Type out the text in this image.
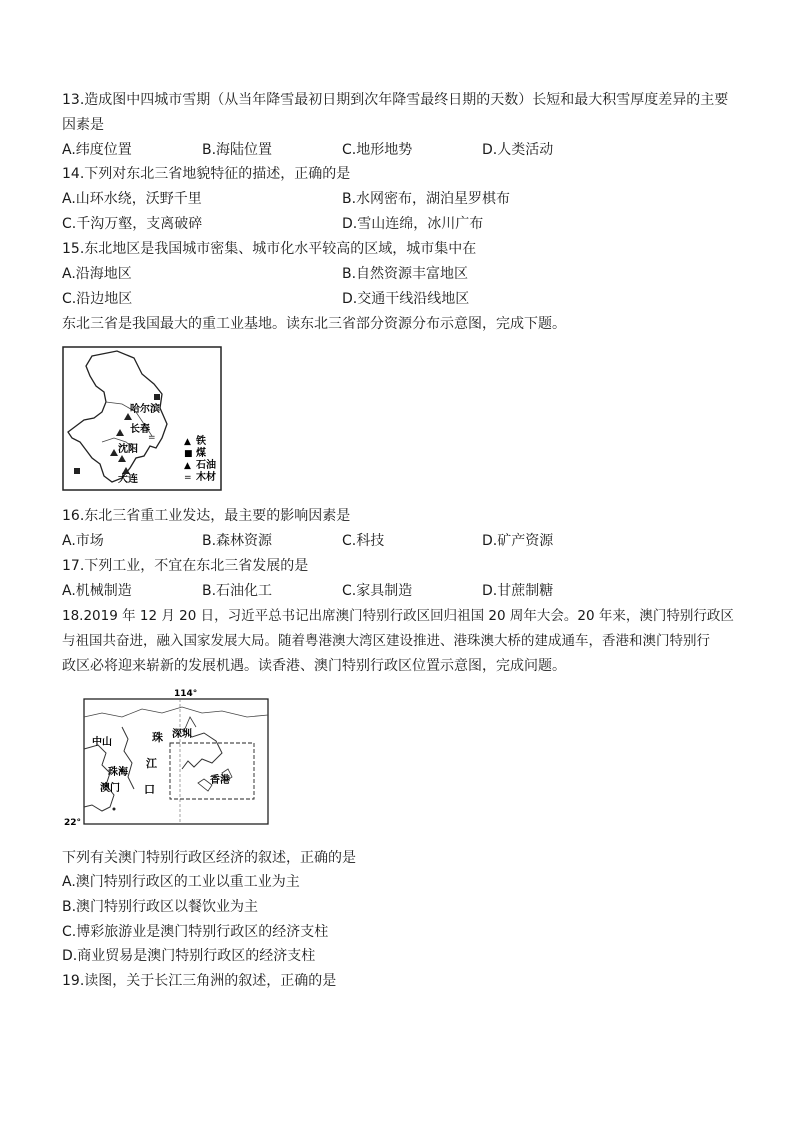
13.造成图中四城市雪期（从当年降雪最初日期到次年降雪最终日期的天数）长短和最大积雪厚度差异的主要
因素是
A.纬度位置	B.海陆位置	C.地形地势	D.人类活动
14.下列对东北三省地貌特征的描述，正确的是
A.山环水绕，沃野千里	B.水网密布，湖泊星罗棋布
C.千沟万壑，支离破碎	D.雪山连绵，冰川广布
15.东北地区是我国城市密集、城市化水平较高的区域，城市集中在
A.沿海地区	B.自然资源丰富地区
C.沿边地区	D.交通干线沿线地区
东北三省是我国最大的重工业基地。读东北三省部分资源分布示意图，完成下题。
=
哈尔滨
长春
沈阳
大连
▲ 铁
■ 煤
▲ 石油
= 木材
16.东北三省重工业发达，最主要的影响因素是
A.市场	B.森林资源	C.科技	D.矿产资源
17.下列工业，不宜在东北三省发展的是
A.机械制造	B.石油化工	C.家具制造	D.甘蔗制糖
18.2019 年 12 月 20 日，习近平总书记出席澳门特别行政区回归祖国 20 周年大会。20 年来，澳门特别行政区
与祖国共奋进，融入国家发展大局。随着粤港澳大湾区建设推进、港珠澳大桥的建成通车，香港和澳门特别行
政区必将迎来崭新的发展机遇。读香港、澳门特别行政区位置示意图，完成问题。
114°
22°
中山	珠 深圳
江
珠海
香港
澳门 口
下列有关澳门特别行政区经济的叙述，正确的是
A.澳门特别行政区的工业以重工业为主
B.澳门特别行政区以餐饮业为主
C.博彩旅游业是澳门特别行政区的经济支柱
D.商业贸易是澳门特别行政区的经济支柱
19.读图，关于长江三角洲的叙述，正确的是
